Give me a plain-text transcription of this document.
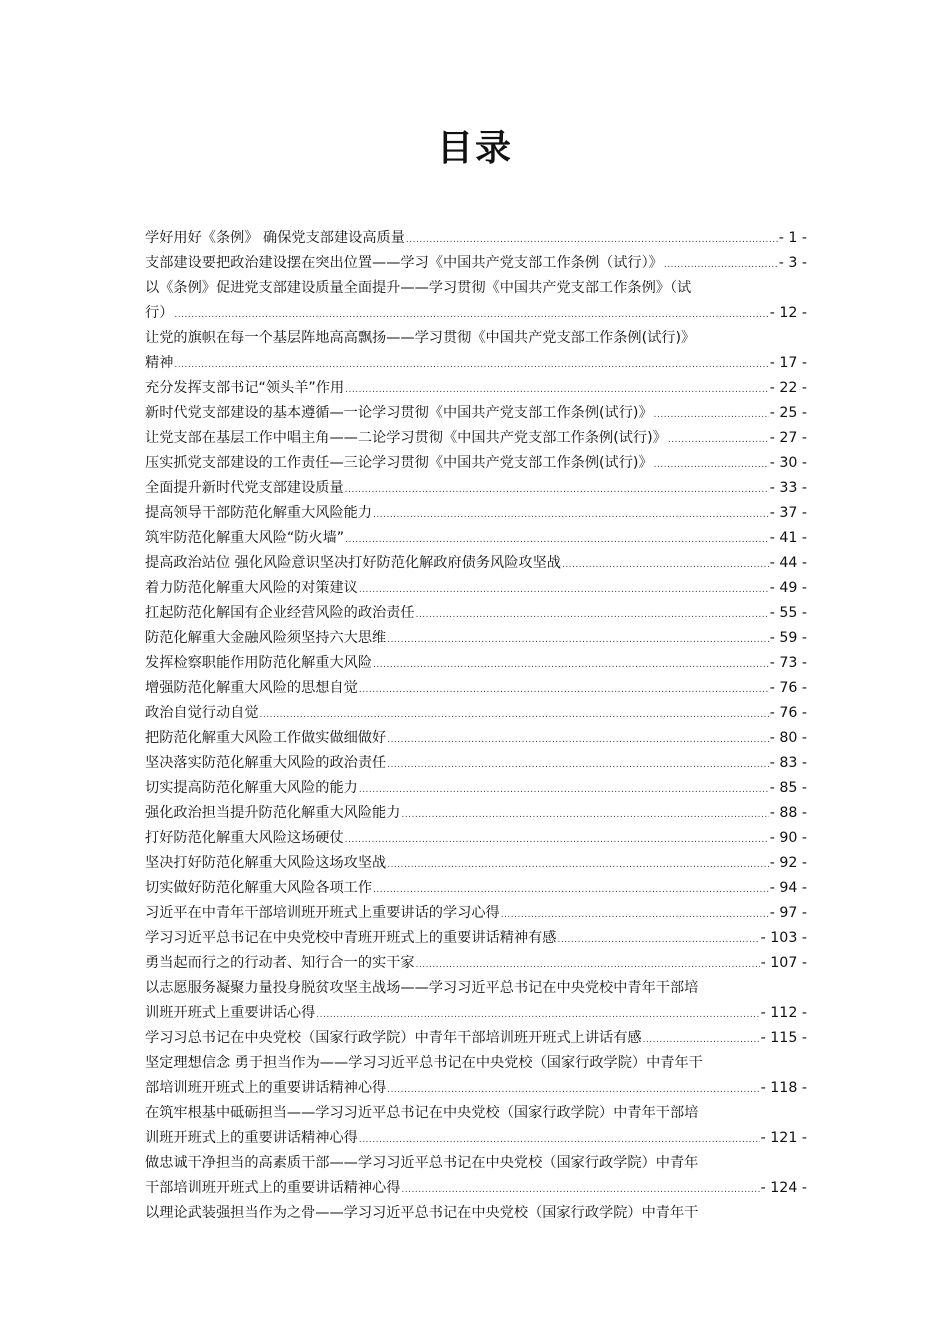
目录
学好用好《条例》 确保党支部建设高质量 .....	- 1 -
支部建设要把政治建设摆在突出位置——学习《中国共产党支部工作条例（试行）》 .....	- 3 -
以《条例》促进党支部建设质量全面提升——学习贯彻《中国共产党支部工作条例》（试
行） .....	- 12 -
让党的旗帜在每一个基层阵地高高飘扬——学习贯彻《中国共产党支部工作条例(试行)》
精神 .....	- 17 -
充分发挥支部书记“领头羊”作用 .....	- 22 -
新时代党支部建设的基本遵循—一论学习贯彻《中国共产党支部工作条例(试行)》 .....	- 25 -
让党支部在基层工作中唱主角——二论学习贯彻《中国共产党支部工作条例(试行)》 .....	- 27 -
压实抓党支部建设的工作责任—三论学习贯彻《中国共产党支部工作条例(试行)》 .....	- 30 -
全面提升新时代党支部建设质量 .....	- 33 -
提高领导干部防范化解重大风险能力 .....	- 37 -
筑牢防范化解重大风险“防火墙” .....	- 41 -
提高政治站位 强化风险意识坚决打好防范化解政府债务风险攻坚战 .....	- 44 -
着力防范化解重大风险的对策建议 .....	- 49 -
扛起防范化解国有企业经营风险的政治责任 .....	- 55 -
防范化解重大金融风险须坚持六大思维 .....	- 59 -
发挥检察职能作用防范化解重大风险 .....	- 73 -
增强防范化解重大风险的思想自觉 .....	- 76 -
政治自觉行动自觉 .....	- 76 -
把防范化解重大风险工作做实做细做好 .....	- 80 -
坚决落实防范化解重大风险的政治责任 .....	- 83 -
切实提高防范化解重大风险的能力 .....	- 85 -
强化政治担当提升防范化解重大风险能力 .....	- 88 -
打好防范化解重大风险这场硬仗 .....	- 90 -
坚决打好防范化解重大风险这场攻坚战 .....	- 92 -
切实做好防范化解重大风险各项工作 .....	- 94 -
习近平在中青年干部培训班开班式上重要讲话的学习心得 .....	- 97 -
学习习近平总书记在中央党校中青班开班式上的重要讲话精神有感 .....	- 103 -
勇当起而行之的行动者、知行合一的实干家 .....	- 107 -
以志愿服务凝聚力量投身脱贫攻坚主战场——学习习近平总书记在中央党校中青年干部培
训班开班式上重要讲话心得 .....	- 112 -
学习习总书记在中央党校（国家行政学院）中青年干部培训班开班式上讲话有感 .....	- 115 -
坚定理想信念 勇于担当作为——学习习近平总书记在中央党校（国家行政学院）中青年干
部培训班开班式上的重要讲话精神心得 .....	- 118 -
在筑牢根基中砥砺担当——学习习近平总书记在中央党校（国家行政学院）中青年干部培
训班开班式上的重要讲话精神心得 .....	- 121 -
做忠诚干净担当的高素质干部——学习习近平总书记在中央党校（国家行政学院）中青年
干部培训班开班式上的重要讲话精神心得 .....	- 124 -
以理论武装强担当作为之骨——学习习近平总书记在中央党校（国家行政学院）中青年干
